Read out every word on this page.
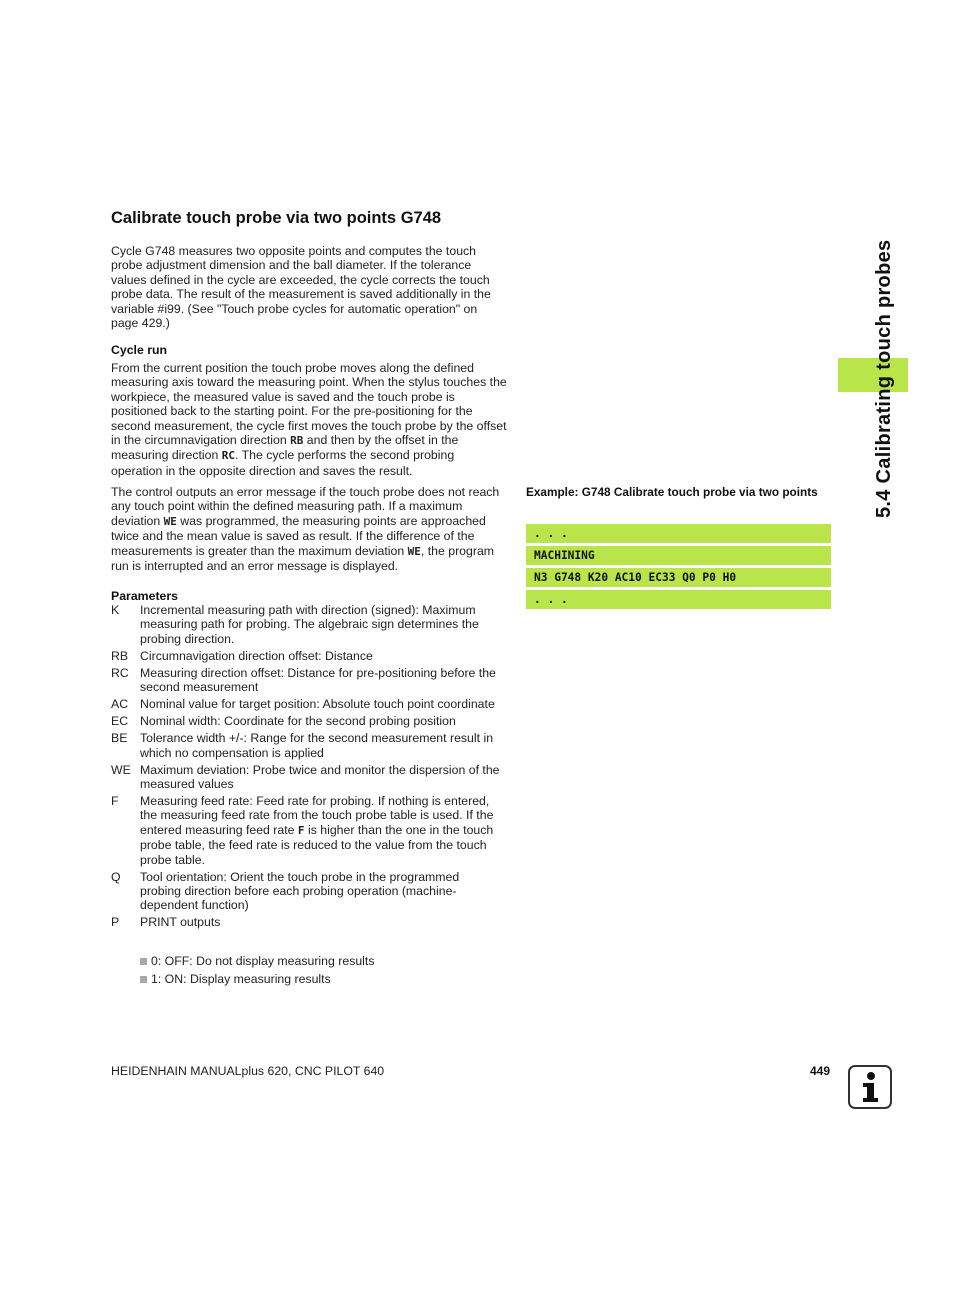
Calibrate touch probe via two points G748

Cycle G748 measures two opposite points and computes the touch probe adjustment dimension and the ball diameter. If the tolerance values defined in the cycle are exceeded, the cycle corrects the touch probe data. The result of the measurement is saved additionally in the variable #i99. (See "Touch probe cycles for automatic operation" on page 429.)

Cycle run

From the current position the touch probe moves along the defined measuring axis toward the measuring point. When the stylus touches the workpiece, the measured value is saved and the touch probe is positioned back to the starting point. For the pre-positioning for the second measurement, the cycle first moves the touch probe by the offset in the circumnavigation direction RB and then by the offset in the measuring direction RC. The cycle performs the second probing operation in the opposite direction and saves the result.

The control outputs an error message if the touch probe does not reach any touch point within the defined measuring path. If a maximum deviation WE was programmed, the measuring points are approached twice and the mean value is saved as result. If the difference of the measurements is greater than the maximum deviation WE, the program run is interrupted and an error message is displayed.

Parameters
K	Incremental measuring path with direction (signed): Maximum measuring path for probing. The algebraic sign determines the probing direction.
RB Circumnavigation direction offset: Distance
RC Measuring direction offset: Distance for pre-positioning before the second measurement
AC Nominal value for target position: Absolute touch point coordinate
EC Nominal width: Coordinate for the second probing position
BE	Tolerance width +/-: Range for the second measurement result in which no compensation is applied
WE Maximum deviation: Probe twice and monitor the dispersion of the measured values
F	Measuring feed rate: Feed rate for probing. If nothing is entered, the measuring feed rate from the touch probe table is used. If the entered measuring feed rate F is higher than the one in the touch probe table, the feed rate is reduced to the value from the touch probe table.
Q	Tool orientation: Orient the touch probe in the programmed probing direction before each probing operation (machine-dependent function)
P	PRINT outputs
0: OFF: Do not display measuring results
1: ON: Display measuring results
Example: G748 Calibrate touch probe via two points
. . .
MACHINING
N3 G748 K20 AC10 EC33 Q0 P0 H0
. . .
5.4 Calibrating touch probes
HEIDENHAIN MANUALplus 620, CNC PILOT 640	449
